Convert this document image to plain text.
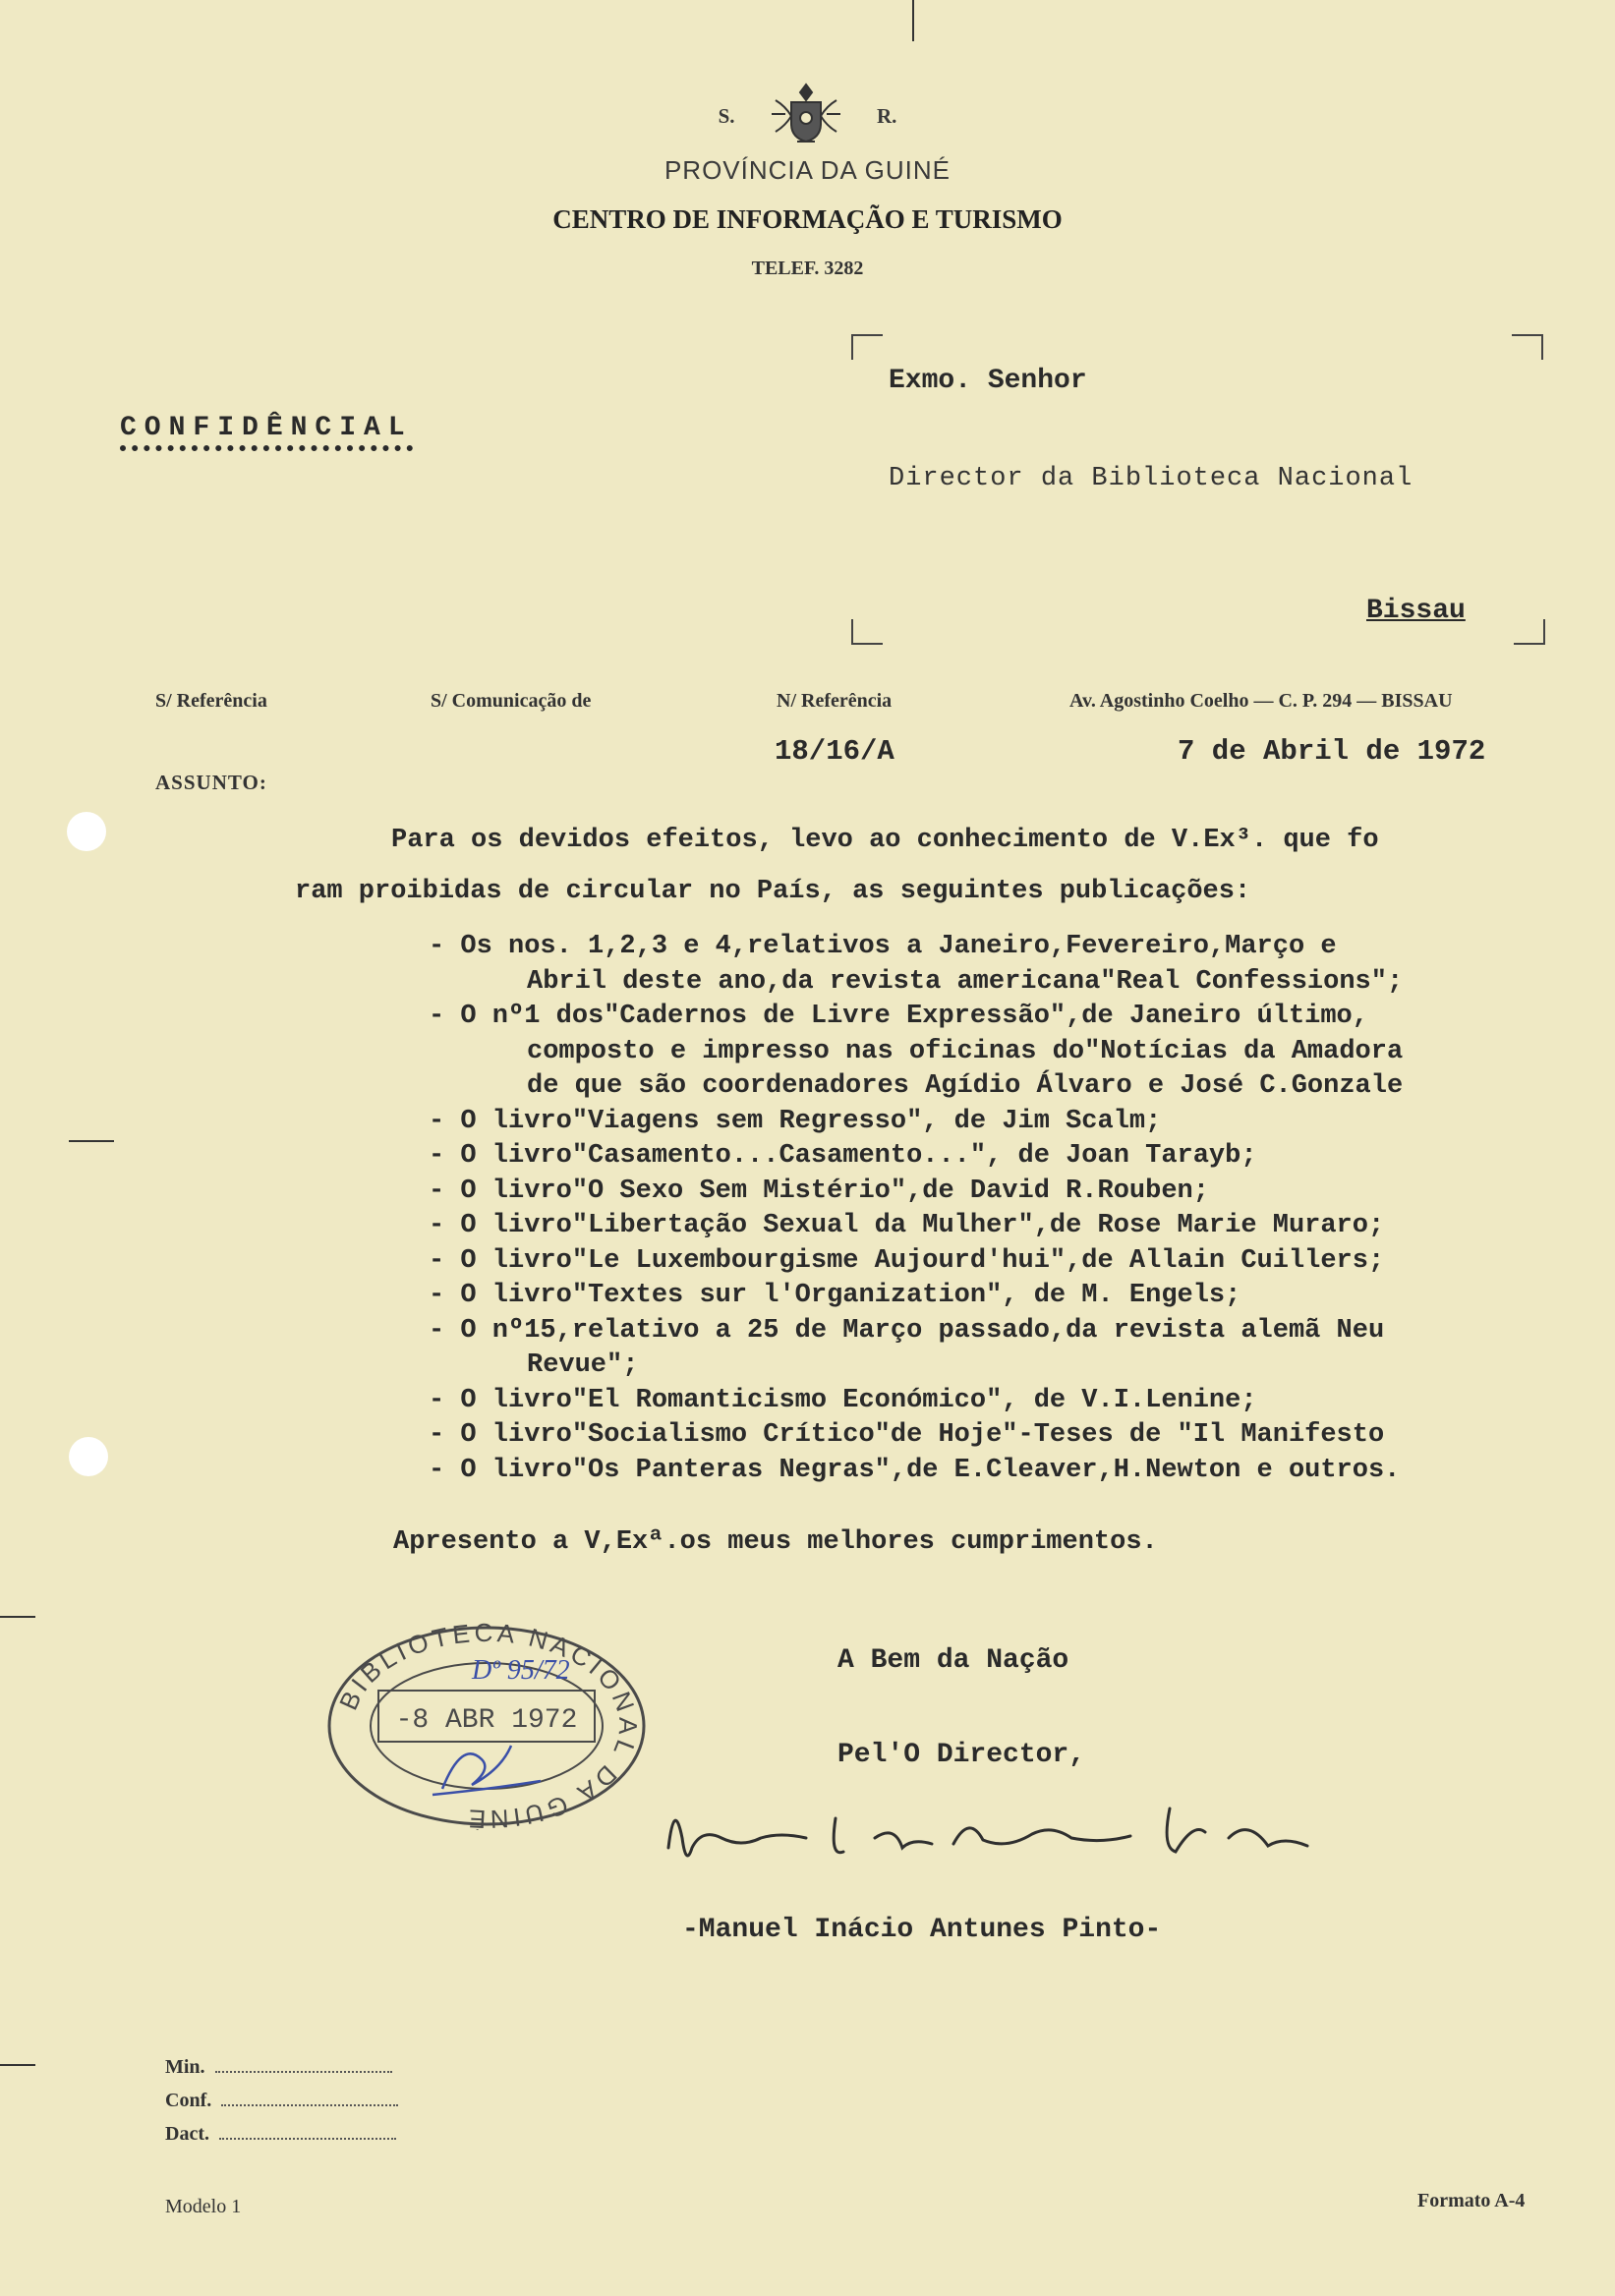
S.	R.
PROVÍNCIA DA GUINÉ
CENTRO DE INFORMAÇÃO E TURISMO
TELEF. 3282
CONFIDÊNCIAL
Exmo. Senhor
Director da Biblioteca Nacional
Bissau
S/ Referência	S/ Comunicação de	N/ Referência	Av. Agostinho Coelho — C. P. 294 — BISSAU
18/16/A	7 de Abril de 1972
ASSUNTO:
Para os devidos efeitos, levo ao conhecimento de V.Ex³. que fo
ram proibidas de circular no País, as seguintes publicações:
- Os nos. 1,2,3 e 4,relativos a Janeiro,Fevereiro,Março e
Abril deste ano,da revista americana"Real Confessions";
- O nº1 dos"Cadernos de Livre Expressão",de Janeiro último,
composto e impresso nas oficinas do"Notícias da Amadora
de que são coordenadores Agídio Álvaro e José C.Gonzale
- O livro"Viagens sem Regresso", de Jim Scalm;
- O livro"Casamento...Casamento...", de Joan Tarayb;
- O livro"O Sexo Sem Mistério",de David R.Rouben;
- O livro"Libertação Sexual da Mulher",de Rose Marie Muraro;
- O livro"Le Luxembourgisme Aujourd'hui",de Allain Cuillers;
- O livro"Textes sur l'Organization", de M. Engels;
- O nº15,relativo a 25 de Março passado,da revista alemã Neu
Revue";
- O livro"El Romanticismo Económico", de V.I.Lenine;
- O livro"Socialismo Crítico"de Hoje"-Teses de "Il Manifesto
- O livro"Os Panteras Negras",de E.Cleaver,H.Newton e outros.
Apresento a V,Exª.os meus melhores cumprimentos.
A Bem da Nação
Pel'O Director,
-Manuel Inácio Antunes Pinto-
BIBLIOTECA NACIONAL DA GUINÉ
-8 ABR 1972
Dº 95/72
Min.
Conf.
Dact.
Modelo 1	Formato A-4
